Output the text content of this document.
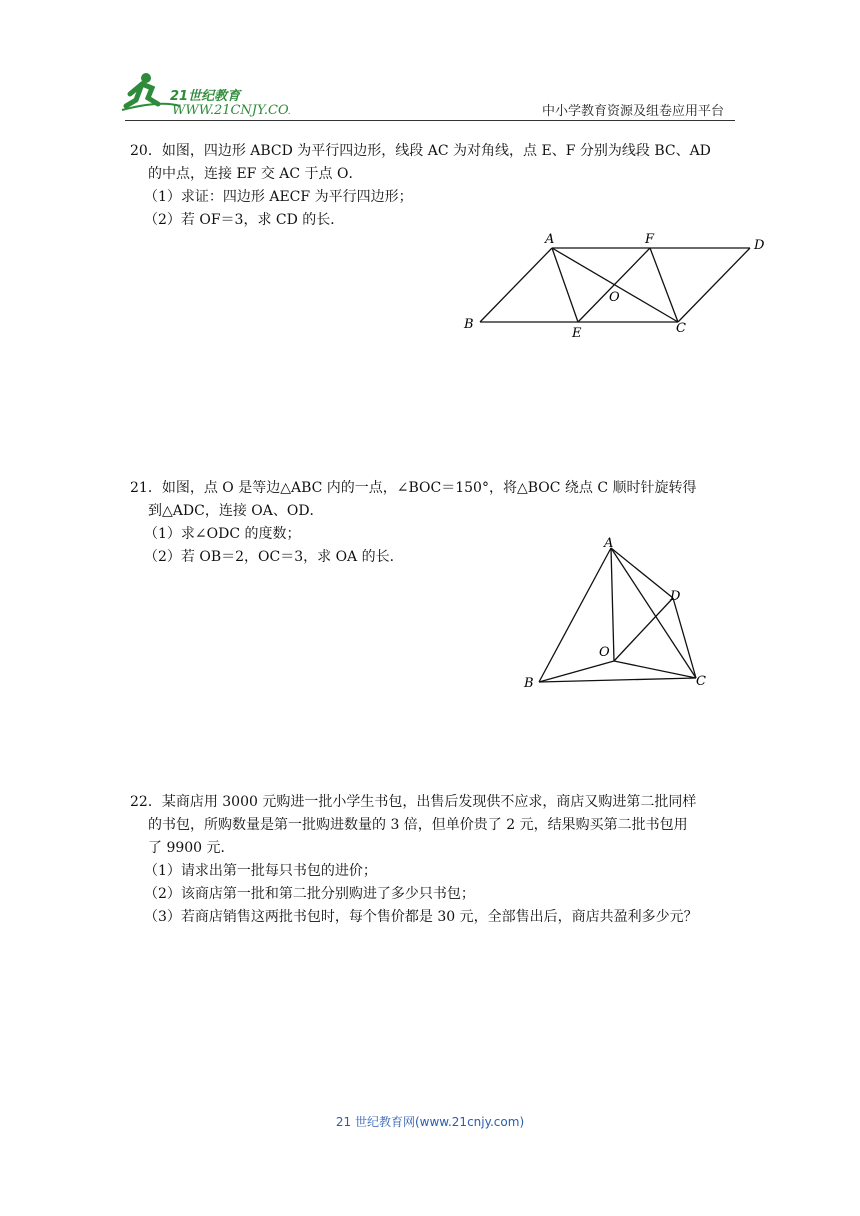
21世纪教育
WWW.21CNJY.COM	中小学教育资源及组卷应用平台
20．如图，四边形 ABCD 为平行四边形，线段 AC 为对角线，点 E、F 分别为线段 BC、AD
的中点，连接 EF 交 AC 于点 O．
（1）求证：四边形 AECF 为平行四边形；
（2）若 OF＝3，求 CD 的长．
A	F	D
O
B
E	C
21．如图，点 O 是等边△ABC 内的一点，∠BOC＝150°，将△BOC 绕点 C 顺时针旋转得
到△ADC，连接 OA、OD．
（1）求∠ODC 的度数；
（2）若 OB＝2，OC＝3，求 OA 的长．
A
D
O
B	C
22．某商店用 3000 元购进一批小学生书包，出售后发现供不应求，商店又购进第二批同样
的书包，所购数量是第一批购进数量的 3 倍，但单价贵了 2 元，结果购买第二批书包用
了 9900 元．
（1）请求出第一批每只书包的进价；
（2）该商店第一批和第二批分别购进了多少只书包；
（3）若商店销售这两批书包时，每个售价都是 30 元，全部售出后，商店共盈利多少元？
21 世纪教育网(www.21cnjy.com)
